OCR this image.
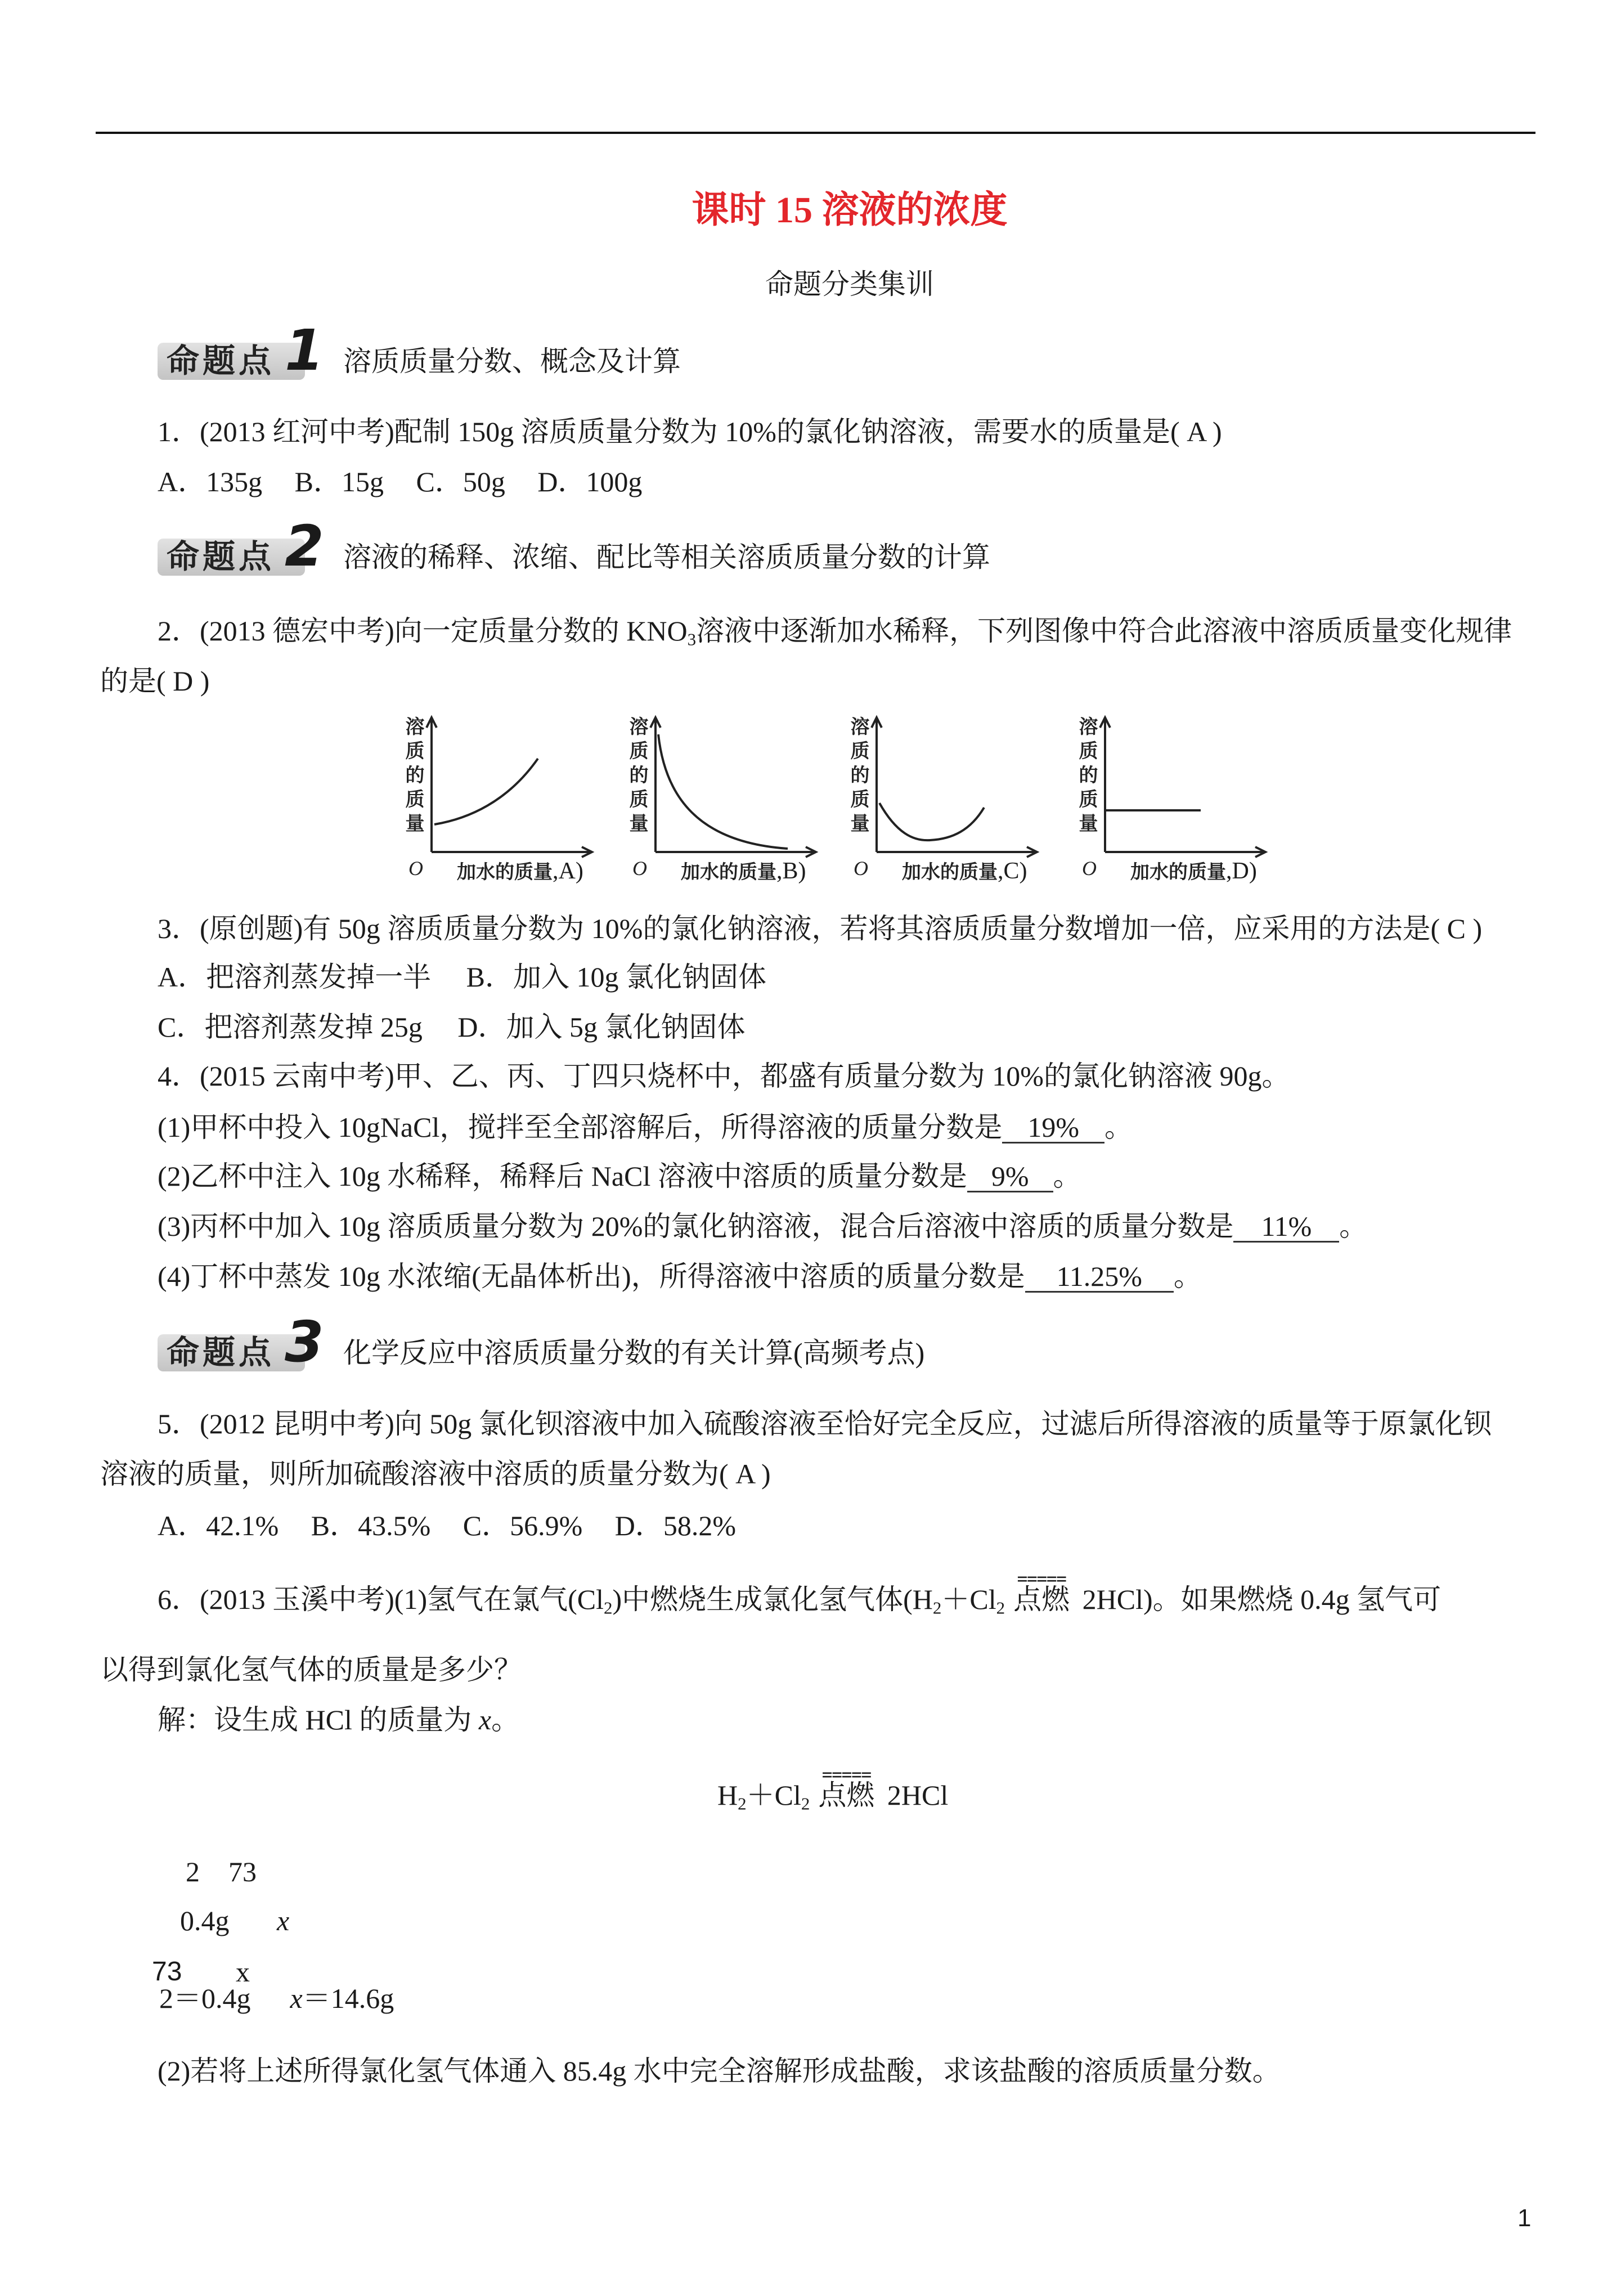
课时 15 溶液的浓度
命题分类集训
命题点 1 溶质质量分数、概念及计算
1．(2013 红河中考)配制 150g 溶质质量分数为 10%的氯化钠溶液，需要水的质量是( A )
A．135g B．15g C．50g D．100g
命题点 2 溶液的稀释、浓缩、配比等相关溶质质量分数的计算
2．(2013 德宏中考)向一定质量分数的 $KNO_3$溶液中逐渐加水稀释，下列图像中符合此溶液中溶质质量变化规律
的是( D )
溶质的质量
O 加水的质量,A)
溶质的质量
O 加水的质量,B)
溶质的质量
O 加水的质量,C)
溶质的质量
O 加水的质量,D)
3．(原创题)有 50g 溶质质量分数为 10%的氯化钠溶液，若将其溶质质量分数增加一倍，应采用的方法是( C )
A．把溶剂蒸发掉一半 B．加入 10g 氯化钠固体
C．把溶剂蒸发掉 25g D．加入 5g 氯化钠固体
4．(2015 云南中考)甲、乙、丙、丁四只烧杯中，都盛有质量分数为 10%的氯化钠溶液 90g。
(1)甲杯中投入 10gNaCl，搅拌至全部溶解后，所得溶液的质量分数是 19% 。
(2)乙杯中注入 10g 水稀释，稀释后 NaCl 溶液中溶质的质量分数是 9% 。
(3)丙杯中加入 10g 溶质质量分数为 20%的氯化钠溶液，混合后溶液中溶质的质量分数是 11% 。
(4)丁杯中蒸发 10g 水浓缩(无晶体析出)，所得溶液中溶质的质量分数是 11.25% 。
命题点 3 化学反应中溶质质量分数的有关计算(高频考点)
5．(2012 昆明中考)向 50g 氯化钡溶液中加入硫酸溶液至恰好完全反应，过滤后所得溶液的质量等于原氯化钡
溶液的质量，则所加硫酸溶液中溶质的质量分数为( A )
A．42.1% B．43.5% C．56.9% D．58.2%
6．(2013 玉溪中考)(1)氢气在氯气$(Cl_2)$中燃烧生成氯化氢气体($H_2+Cl_2$
=====
点燃 2HCl)。如果燃烧 0.4g 氢气可
以得到氯化氢气体的质量是多少？
解：设生成 HCl 的质量为 x。
$H_2+Cl_2$
=====
点燃 2HCl
2 73
0.4g x
73 x
2＝0.4g x＝14.6g
(2)若将上述所得氯化氢气体通入 85.4g 水中完全溶解形成盐酸，求该盐酸的溶质质量分数。
1
